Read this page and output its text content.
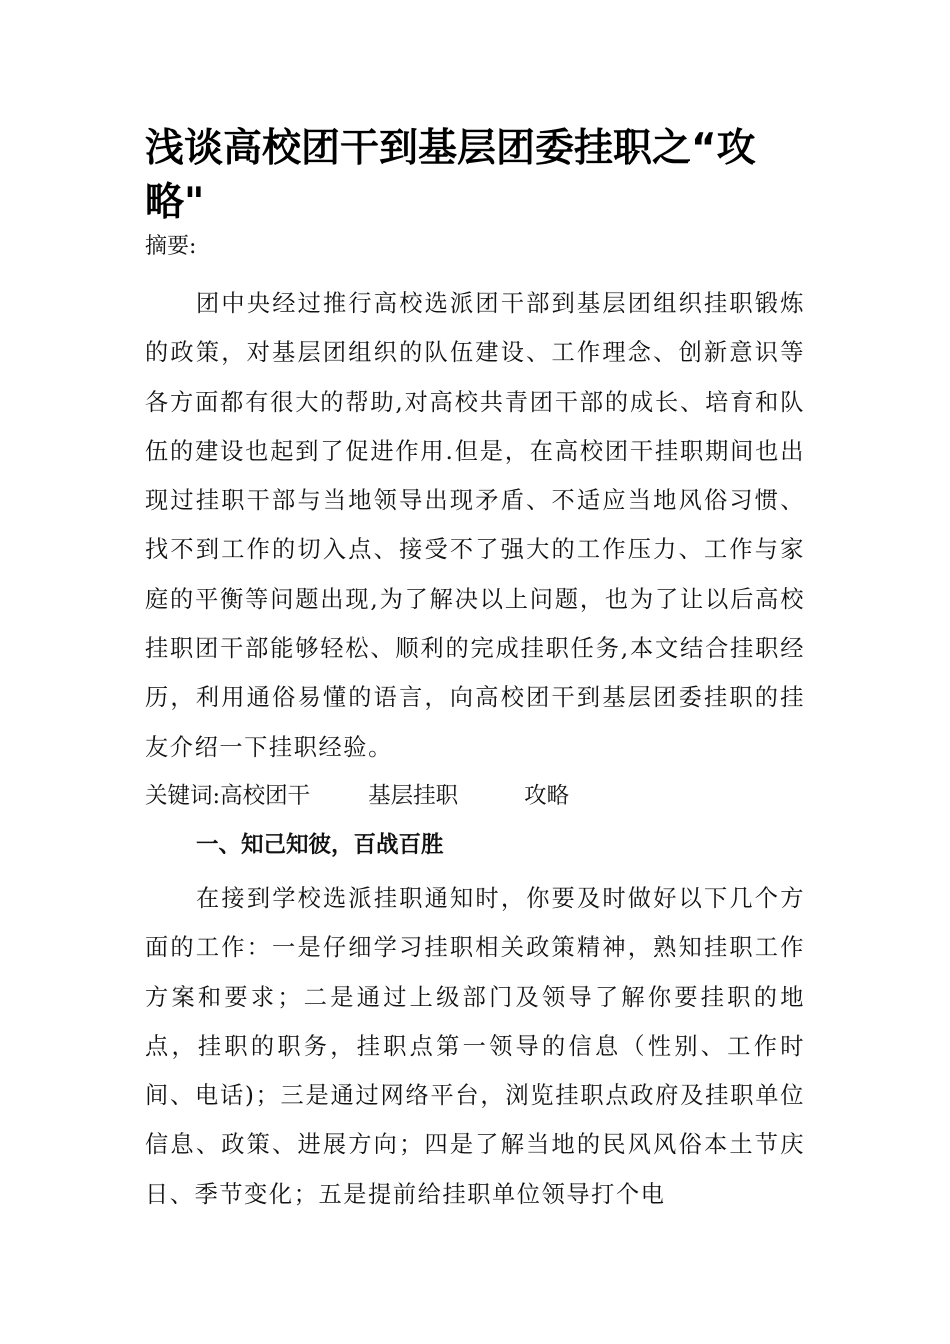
浅谈高校团干到基层团委挂职之“攻略"

摘要:

团中央经过推行高校选派团干部到基层团组织挂职锻炼的政策，对基层团组织的队伍建设、工作理念、创新意识等各方面都有很大的帮助,对高校共青团干部的成长、培育和队伍的建设也起到了促进作用.但是，在高校团干挂职期间也出现过挂职干部与当地领导出现矛盾、不适应当地风俗习惯、找不到工作的切入点、接受不了强大的工作压力、工作与家庭的平衡等问题出现,为了解决以上问题，也为了让以后高校挂职团干部能够轻松、顺利的完成挂职任务,本文结合挂职经历，利用通俗易懂的语言，向高校团干到基层团委挂职的挂友介绍一下挂职经验。

关键词:高校团干	基层挂职	攻略

一、知己知彼，百战百胜

在接到学校选派挂职通知时，你要及时做好以下几个方面的工作：一是仔细学习挂职相关政策精神，熟知挂职工作方案和要求；二是通过上级部门及领导了解你要挂职的地点，挂职的职务，挂职点第一领导的信息（性别、工作时间、电话)；三是通过网络平台，浏览挂职点政府及挂职单位信息、政策、进展方向；四是了解当地的民风风俗本土节庆日、季节变化；五是提前给挂职单位领导打个电
